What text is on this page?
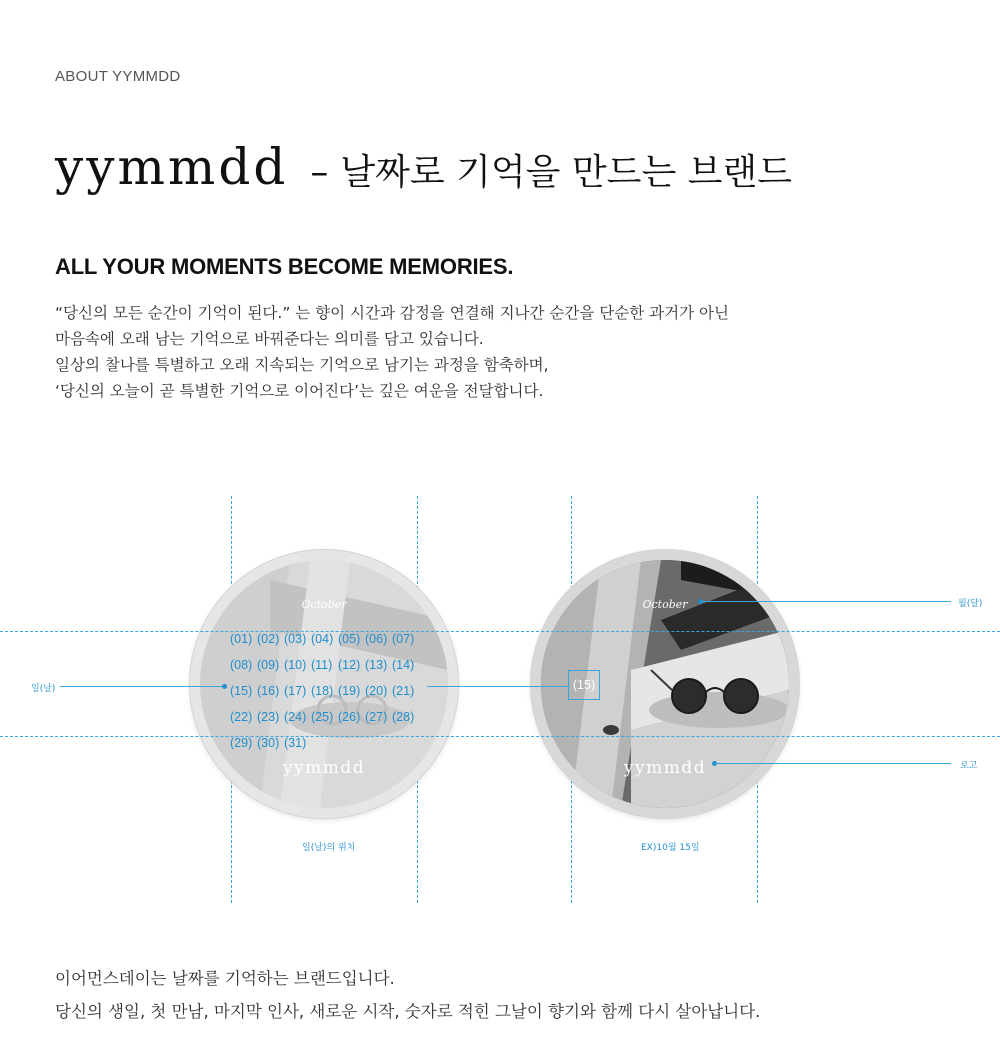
ABOUT YYMMDD
yymmdd – 날짜로 기억을 만드는 브랜드
ALL YOUR MOMENTS BECOME MEMORIES.
“당신의 모든 순간이 기억이 된다.” 는 향이 시간과 감정을 연결해 지나간 순간을 단순한 과거가 아닌
마음속에 오래 남는 기억으로 바꿔준다는 의미를 담고 있습니다.
일상의 찰나를 특별하고 오래 지속되는 기억으로 남기는 과정을 함축하며,
‘당신의 오늘이 곧 특별한 기억으로 이어진다’는 깊은 여운을 전달합니다.
October
yymmdd
October
yymmdd
(01) (02) (03) (04) (05) (06) (07)(08) (09) (10) (11) (12) (13) (14)(15) (16) (17) (18) (19) (20) (21)(22) (23) (24) (25) (26) (27) (28)(29) (30) (31)
(15)
일(날)
월(달)
로고
일(날)의 위치	EX)10월 15일
이어먼스데이는 날짜를 기억하는 브랜드입니다.
당신의 생일, 첫 만남, 마지막 인사, 새로운 시작, 숫자로 적힌 그날이 향기와 함께 다시 살아납니다.
